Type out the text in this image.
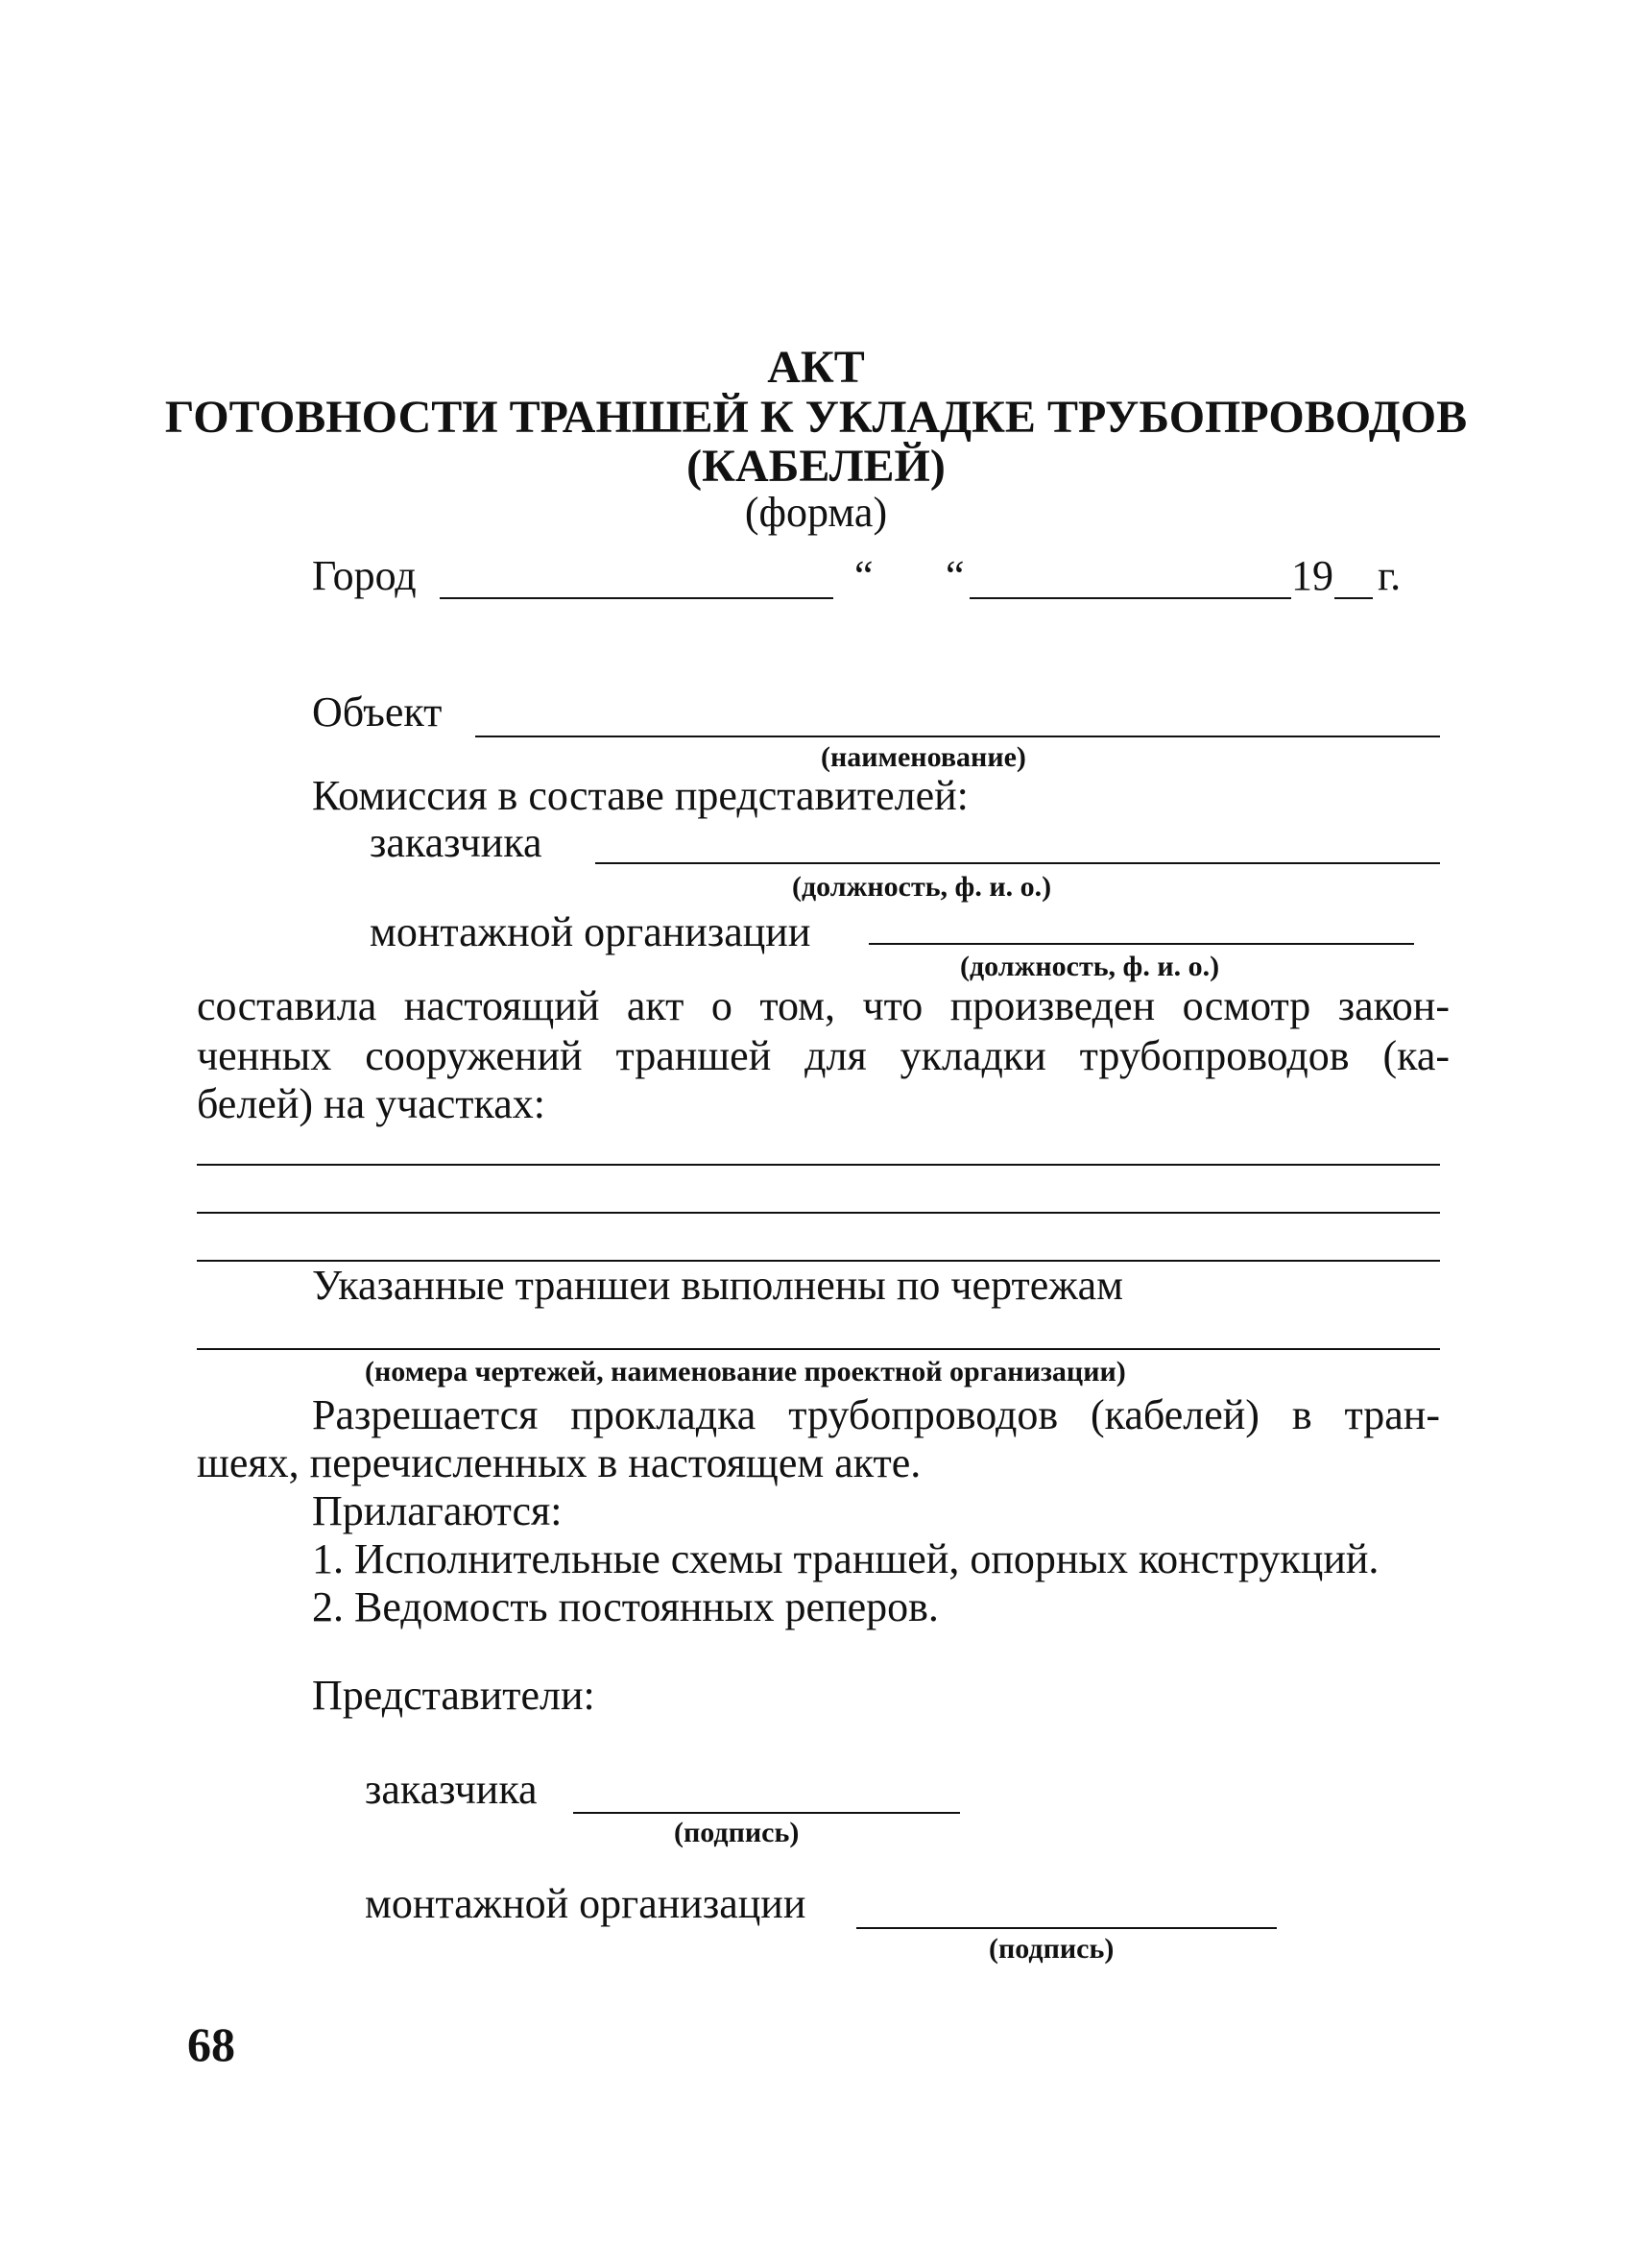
АКТ
ГОТОВНОСТИ ТРАНШЕЙ К УКЛАДКЕ ТРУБОПРОВОДОВ
(КАБЕЛЕЙ)
(форма)
Город	“ “	19 г.
Объект
(наименование)
Комиссия в составе представителей:
заказчика
(должность, ф. и. о.)
монтажной организации
(должность, ф. и. о.)
составила настоящий акт о том, что произведен осмотр закон-
ченных сооружений траншей для укладки трубопроводов (ка-
белей) на участках:
Указанные траншеи выполнены по чертежам
(номера чертежей, наименование проектной организации)
Разрешается прокладка трубопроводов (кабелей) в тран-
шеях, перечисленных в настоящем акте.
Прилагаются:
1. Исполнительные схемы траншей, опорных конструкций.
2. Ведомость постоянных реперов.
Представители:
заказчика
(подпись)
монтажной организации
(подпись)
68
